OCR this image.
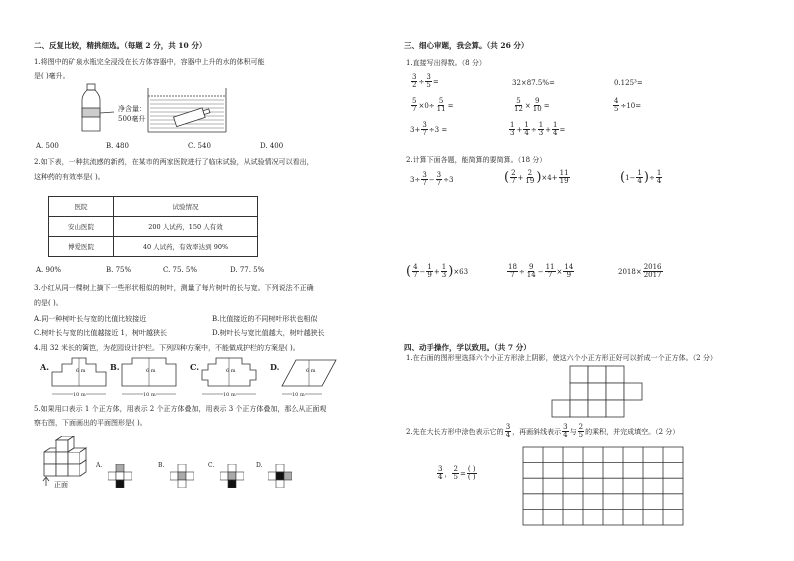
二、反复比较，精挑细选。（每题 2 分，共 10 分）
1.将图中的矿泉水瓶完全浸没在长方体容器中，容器中上升的水的体积可能
是( )毫升。
净含量：
500毫升
A. 500	B. 480	C. 540	D. 400
2.如下表，一种抗流感的新药，在某市的两家医院进行了临床试验，从试验情况可以看出，
这种药的有效率是( )。
医院	试验情况
安山医院	200 人试药，150 人有效
博爱医院	40 人试药，有效率达到 90%
A. 90%	B. 75%	C. 75. 5%	D. 77. 5%
3.小红从同一棵树上摘下一些形状相似的树叶，测量了每片树叶的长与宽。下列说法不正确
的是( )。
A.同一种树叶长与宽的比值比较接近	B.比值接近的不同树叶形状也相似
C.树叶长与宽的比值越接近 1，树叶越狭长	D.树叶长与宽比值越大，树叶越狭长
4.用 32 米长的篱笆，为花园设计护栏。下列四种方案中，不能做成护栏的方案是( )。
A.	B.	C.	D.
6 m	6 m	6 m	6 m
10 m	10 m	10 m	10 m
5.如果用口表示 1 个正方体，用表示 2 个正方体叠加，用表示 3 个正方体叠加，那么从正面观
察右图，下面画出的平面图形是( )。
正面
A.	B.	C.	D.
三、细心审题，我会算。（共 26 分）
1.直接写出得数。（8 分）
$\frac{3}{2} \div \frac{3}{5}$ =	32×87.5%=	0.125³=
$\frac{5}{7} \times 0\div \frac{5}{11}$ =	$\frac{5}{12} \times \frac{9}{10}$ =	$\frac{4}{5} \div 10=$
$3+ \frac{3}{7} \div 3$ =	$\frac{1}{3} + \frac{1}{4} \div \frac{1}{3} + \frac{1}{4}$ =
2.计算下面各题，能简算的要简算。（18 分）
$3\div \frac{3}{7} - \frac{3}{7} \div 3$	( $\frac{2}{7} + \frac{2}{19}$ ) $\times 4+ \frac{11}{19}$	( $1- \frac{1}{4}$ ) ÷ $\frac{1}{4}$
( $\frac{4}{7} - \frac{1}{9} + \frac{1}{3}$ ) ×63	$\frac{18}{7} \div \frac{9}{14} - \frac{11}{7} \times \frac{14}{9}$	$2018\times \frac{2016}{2017}$
四、动手操作，学以致用。（共 7 分）
1.在右面的图形里选择六个小正方形涂上阴影，使这六个小正方形正好可以折成一个正方体。（2 分）
2.先在大长方形中涂色表示它的 $\frac{3}{4}$ ，再画斜线表示 $\frac{3}{4}$ 与 $\frac{2}{5}$ 的乘积，并完成填空。（2 分）
$\frac{3}{4}$ ， $\frac{2}{5} = \frac{( )}{( )}$
